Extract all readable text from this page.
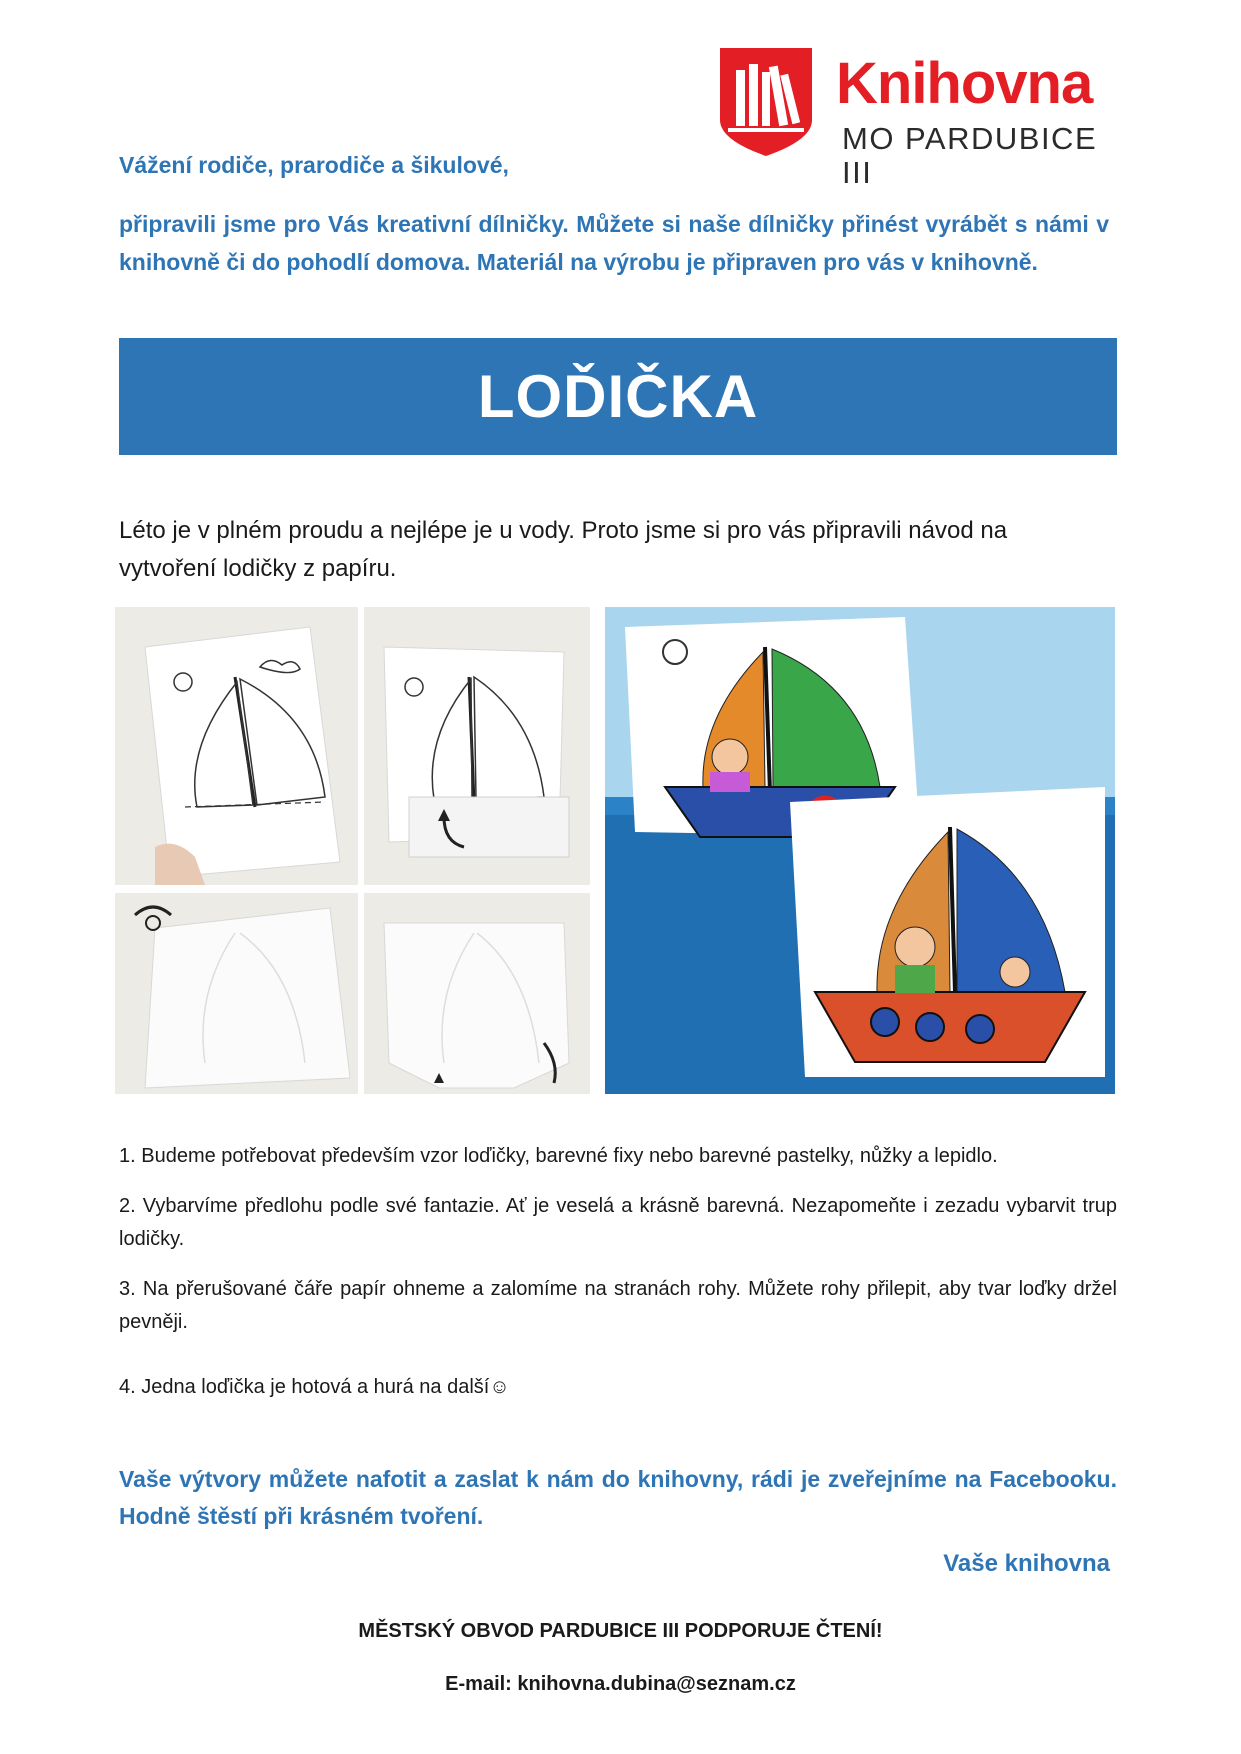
Knihovna
MO PARDUBICE III
Vážení rodiče, prarodiče a šikulové,
připravili jsme pro Vás kreativní dílničky. Můžete si naše dílničky přinést vyrábět s námi v knihovně či do pohodlí domova. Materiál na výrobu je připraven pro vás v knihovně.
LOĎIČKA
Léto je v plném proudu a nejlépe je u vody. Proto jsme si pro vás připravili návod na vytvoření lodičky z papíru.
1. Budeme potřebovat především vzor loďičky, barevné fixy nebo barevné pastelky, nůžky a lepidlo.
2. Vybarvíme předlohu podle své fantazie. Ať je veselá a krásně barevná. Nezapomeňte i zezadu vybarvit trup lodičky.
3. Na přerušované čáře papír ohneme a zalomíme na stranách rohy. Můžete rohy přilepit, aby tvar loďky držel pevněji.
4. Jedna loďička je hotová a hurá na další☺
Vaše výtvory můžete nafotit a zaslat k nám do knihovny, rádi je zveřejníme na Facebooku. Hodně štěstí při krásném tvoření.
Vaše knihovna
MĚSTSKÝ OBVOD PARDUBICE III PODPORUJE ČTENÍ!
E-mail: knihovna.dubina@seznam.cz
